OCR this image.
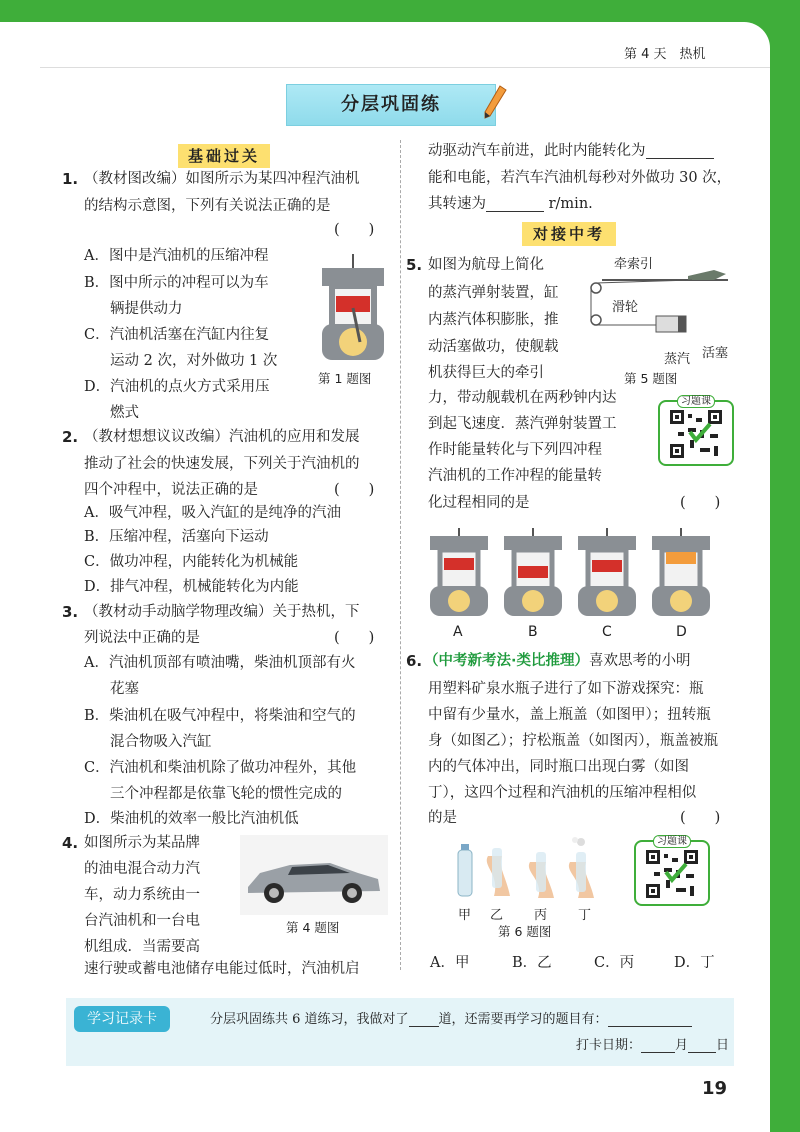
第 4 天　热机
分层巩固练
基础过关
1. （教材图改编）如图所示为某四冲程汽油机
的结构示意图，下列有关说法正确的是
(　　)
A．图中是汽油机的压缩冲程
B．图中所示的冲程可以为车
辆提供动力
C．汽油机活塞在汽缸内往复
运动 2 次，对外做功 1 次
D．汽油机的点火方式采用压
燃式
第 1 题图
2. （教材想想议议改编）汽油机的应用和发展
推动了社会的快速发展，下列关于汽油机的
四个冲程中，说法正确的是	(　　)
A．吸气冲程，吸入汽缸的是纯净的汽油
B．压缩冲程，活塞向下运动
C．做功冲程，内能转化为机械能
D．排气冲程，机械能转化为内能
3. （教材动手动脑学物理改编）关于热机，下
列说法中正确的是	(　　)
A．汽油机顶部有喷油嘴，柴油机顶部有火
花塞
B．柴油机在吸气冲程中，将柴油和空气的
混合物吸入汽缸
C．汽油机和柴油机除了做功冲程外，其他
三个冲程都是依靠飞轮的惯性完成的
D．柴油机的效率一般比汽油机低
4. 如图所示为某品牌
的油电混合动力汽
车，动力系统由一
台汽油机和一台电
机组成．当需要高
速行驶或蓄电池储存电能过低时，汽油机启
第 4 题图
动驱动汽车前进，此时内能转化为
能和电能，若汽车汽油机每秒对外做功 30 次，
其转速为	r/min.
对接中考
5. 如图为航母上简化
的蒸汽弹射装置，缸
内蒸汽体积膨胀，推
动活塞做功，使舰载
机获得巨大的牵引
力，带动舰载机在两秒钟内达
到起飞速度．蒸汽弹射装置工
作时能量转化与下列四冲程
汽油机的工作冲程的能量转
化过程相同的是	(　　)
牵索引
滑轮
蒸汽 活塞
第 5 题图
习题课
A	B	C	D
6. （中考新考法·类比推理）喜欢思考的小明
用塑料矿泉水瓶子进行了如下游戏探究：瓶
中留有少量水，盖上瓶盖（如图甲）；扭转瓶
身（如图乙）；拧松瓶盖（如图丙），瓶盖被瓶
内的气体冲出，同时瓶口出现白雾（如图
丁），这四个过程和汽油机的压缩冲程相似
的是	(　　)
甲 乙 丙 丁
第 6 题图
习题课
A．甲	B．乙	C．丙	D．丁
学习记录卡	分层巩固练共 6 道练习，我做对了 道，还需要再学习的题目有：
打卡日期：	月 日
19
